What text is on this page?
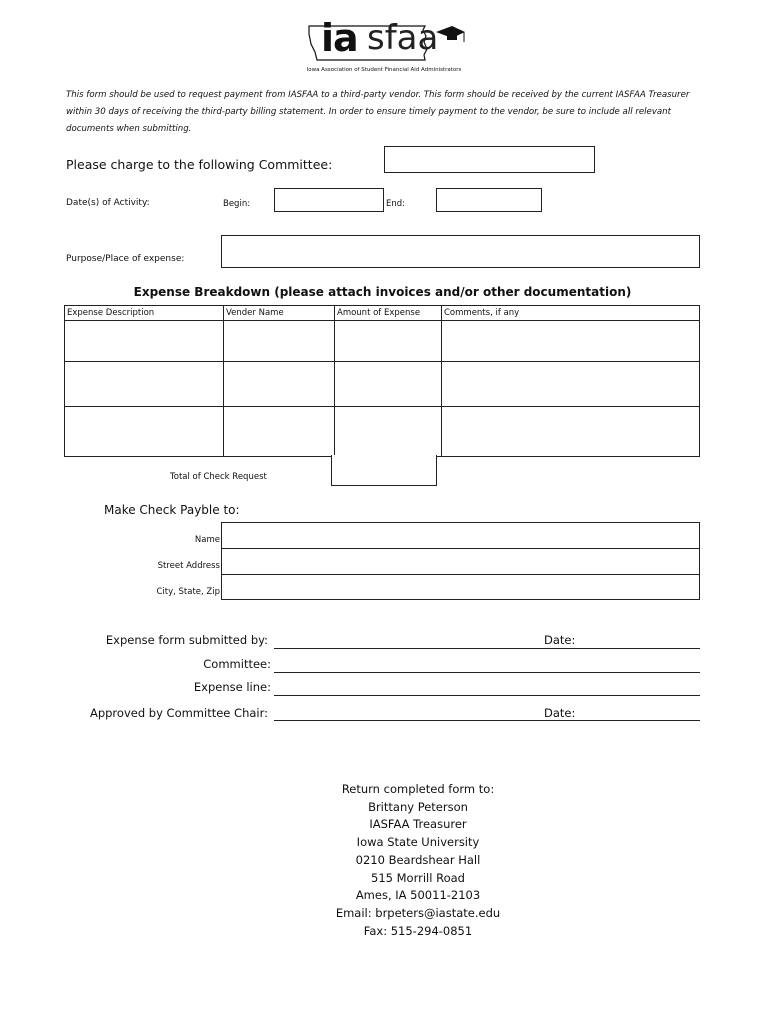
ia sfaa
Iowa Association of Student Financial Aid Administrators
This form should be used to request payment from IASFAA to a third-party vendor. This form should be received by the current IASFAA Treasurer within 30 days of receiving the third-party billing statement. In order to ensure timely payment to the vendor, be sure to include all relevant documents when submitting.
Please charge to the following Committee:
Date(s) of Activity:	Begin:	End:
Purpose/Place of expense:
Expense Breakdown (please attach invoices and/or other documentation)
Expense Description	Vender Name	Amount of Expense	Comments, if any

Total of Check Request
Make Check Payble to:
Name
Street Address
City, State, Zip
Expense form submitted by:	Date:
Committee:
Expense line:
Approved by Committee Chair:	Date:
Return completed form to:
Brittany Peterson
IASFAA Treasurer
Iowa State University
0210 Beardshear Hall
515 Morrill Road
Ames, IA 50011-2103
Email: brpeters@iastate.edu
Fax: 515-294-0851
